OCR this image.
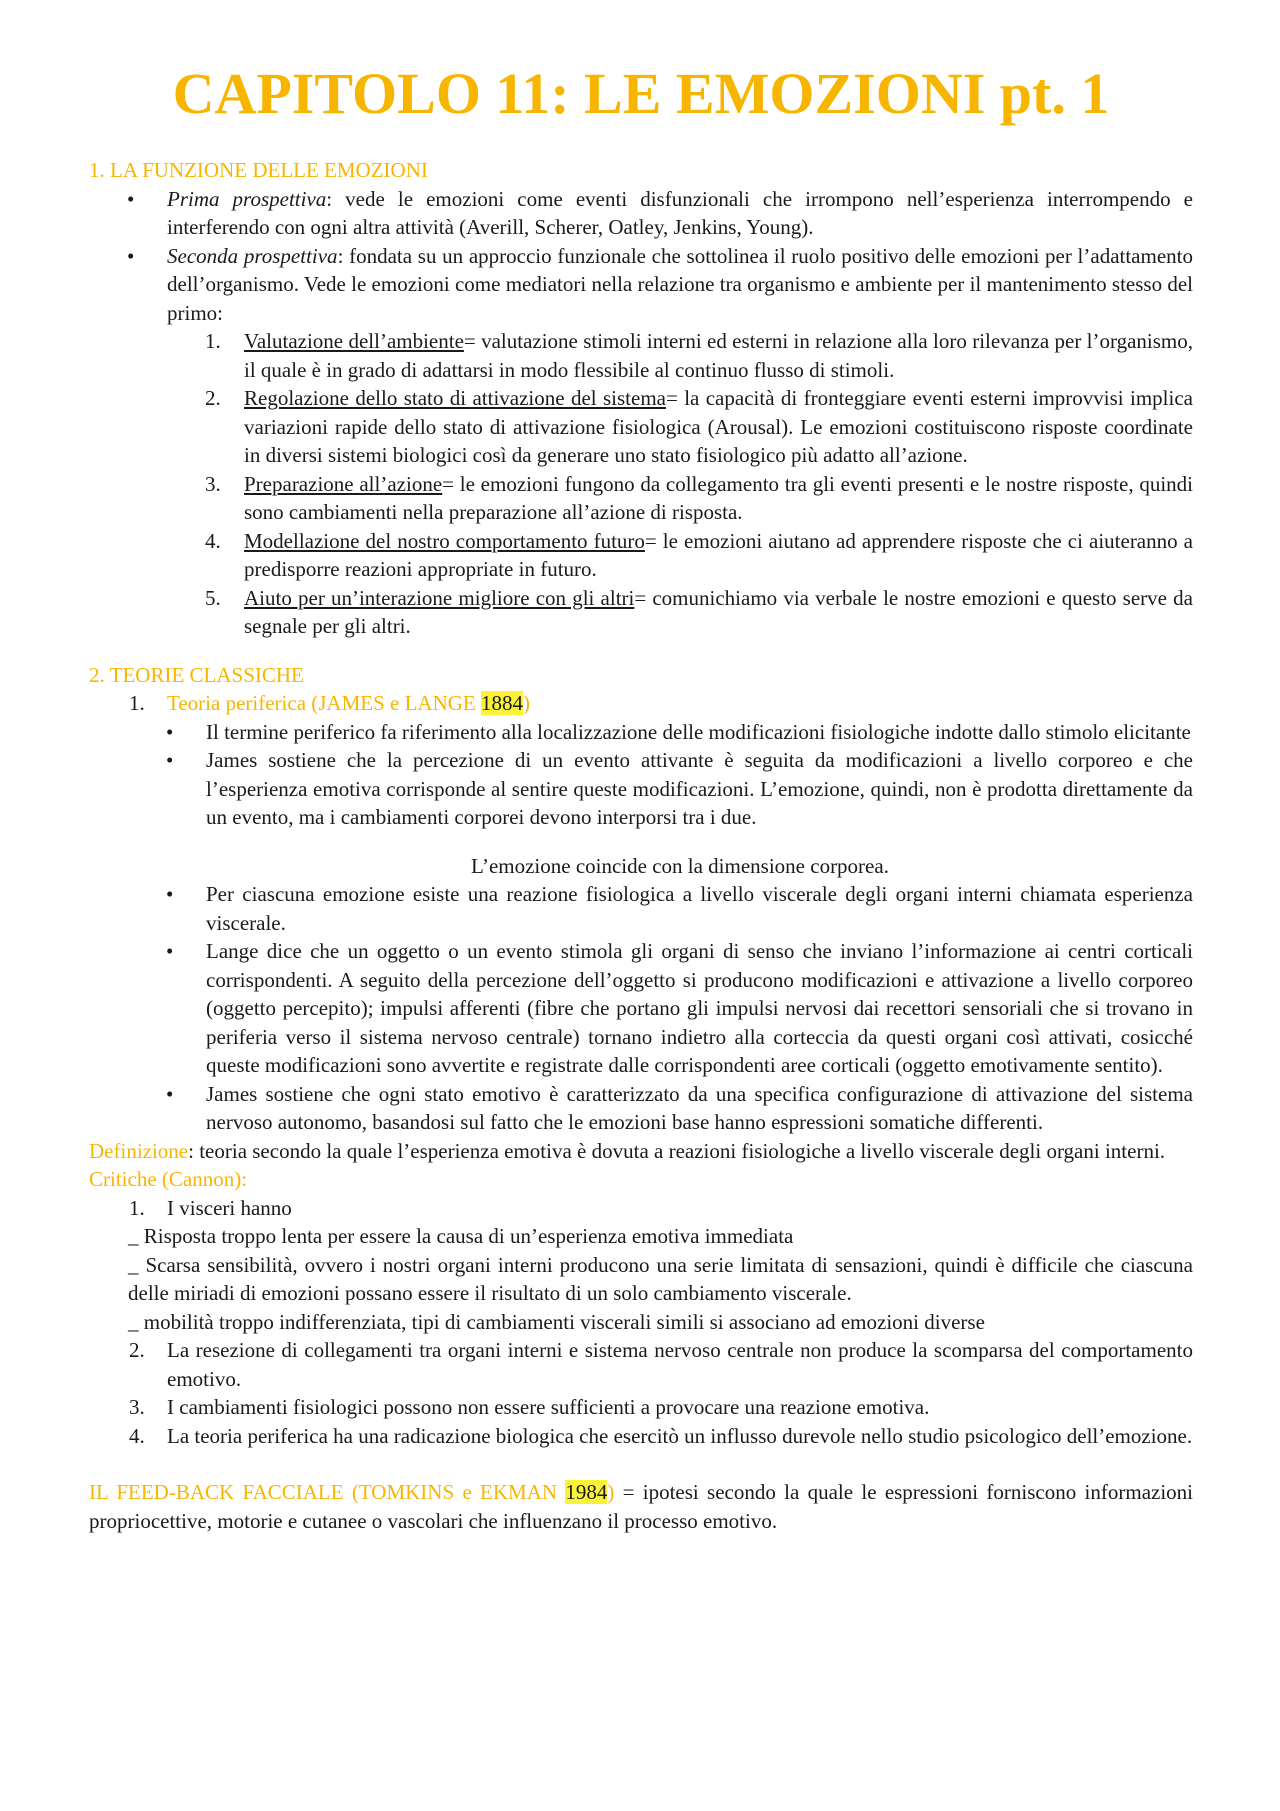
CAPITOLO 11: LE EMOZIONI pt. 1
1. LA FUNZIONE DELLE EMOZIONI
• Prima prospettiva: vede le emozioni come eventi disfunzionali che irrompono nell’esperienza interrompendo e interferendo con ogni altra attività (Averill, Scherer, Oatley, Jenkins, Young).
• Seconda prospettiva: fondata su un approccio funzionale che sottolinea il ruolo positivo delle emozioni per l’adattamento dell’organismo. Vede le emozioni come mediatori nella relazione tra organismo e ambiente per il mantenimento stesso del primo:
1. Valutazione dell’ambiente= valutazione stimoli interni ed esterni in relazione alla loro rilevanza per l’organismo, il quale è in grado di adattarsi in modo flessibile al continuo flusso di stimoli.
2. Regolazione dello stato di attivazione del sistema= la capacità di fronteggiare eventi esterni improvvisi implica variazioni rapide dello stato di attivazione fisiologica (Arousal). Le emozioni costituiscono risposte coordinate in diversi sistemi biologici così da generare uno stato fisiologico più adatto all’azione.
3. Preparazione all’azione= le emozioni fungono da collegamento tra gli eventi presenti e le nostre risposte, quindi sono cambiamenti nella preparazione all’azione di risposta.
4. Modellazione del nostro comportamento futuro= le emozioni aiutano ad apprendere risposte che ci aiuteranno a predisporre reazioni appropriate in futuro.
5. Aiuto per un’interazione migliore con gli altri= comunichiamo via verbale le nostre emozioni e questo serve da segnale per gli altri.
2. TEORIE CLASSICHE
1. Teoria periferica (JAMES e LANGE 1884)
• Il termine periferico fa riferimento alla localizzazione delle modificazioni fisiologiche indotte dallo stimolo elicitante
• James sostiene che la percezione di un evento attivante è seguita da modificazioni a livello corporeo e che l’esperienza emotiva corrisponde al sentire queste modificazioni. L’emozione, quindi, non è prodotta direttamente da un evento, ma i cambiamenti corporei devono interporsi tra i due.
L’emozione coincide con la dimensione corporea.
• Per ciascuna emozione esiste una reazione fisiologica a livello viscerale degli organi interni chiamata esperienza viscerale.
• Lange dice che un oggetto o un evento stimola gli organi di senso che inviano l’informazione ai centri corticali corrispondenti. A seguito della percezione dell’oggetto si producono modificazioni e attivazione a livello corporeo (oggetto percepito); impulsi afferenti (fibre che portano gli impulsi nervosi dai recettori sensoriali che si trovano in periferia verso il sistema nervoso centrale) tornano indietro alla corteccia da questi organi così attivati, cosicché queste modificazioni sono avvertite e registrate dalle corrispondenti aree corticali (oggetto emotivamente sentito).
• James sostiene che ogni stato emotivo è caratterizzato da una specifica configurazione di attivazione del sistema nervoso autonomo, basandosi sul fatto che le emozioni base hanno espressioni somatiche differenti.
Definizione: teoria secondo la quale l’esperienza emotiva è dovuta a reazioni fisiologiche a livello viscerale degli organi interni.
Critiche (Cannon):
1. I visceri hanno
_ Risposta troppo lenta per essere la causa di un’esperienza emotiva immediata
_ Scarsa sensibilità, ovvero i nostri organi interni producono una serie limitata di sensazioni, quindi è difficile che ciascuna delle miriadi di emozioni possano essere il risultato di un solo cambiamento viscerale.
_ mobilità troppo indifferenziata, tipi di cambiamenti viscerali simili si associano ad emozioni diverse
2. La resezione di collegamenti tra organi interni e sistema nervoso centrale non produce la scomparsa del comportamento emotivo.
3. I cambiamenti fisiologici possono non essere sufficienti a provocare una reazione emotiva.
4. La teoria periferica ha una radicazione biologica che esercitò un influsso durevole nello studio psicologico dell’emozione.
IL FEED-BACK FACCIALE (TOMKINS e EKMAN 1984) = ipotesi secondo la quale le espressioni forniscono informazioni propriocettive, motorie e cutanee o vascolari che influenzano il processo emotivo.
